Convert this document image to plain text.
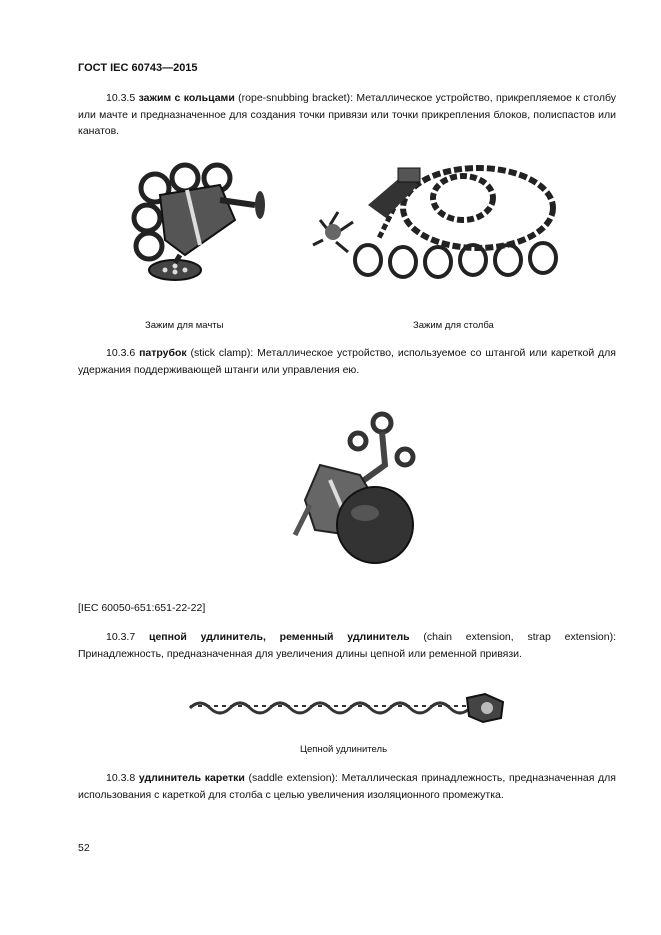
ГОСТ IEC 60743—2015
10.3.5 зажим с кольцами (rope-snubbing bracket): Металлическое устройство, прикрепляемое к столбу или мачте и предназначенное для создания точки привязи или точки прикрепления блоков, полиспастов или канатов.
Зажим для мачты	Зажим для столба
10.3.6 патрубок (stick clamp): Металлическое устройство, используемое со штангой или кареткой для удержания поддерживающей штанги или управления ею.
[IEC 60050-651:651-22-22]
10.3.7 цепной удлинитель, ременный удлинитель (chain extension, strap extension): Принадлежность, предназначенная для увеличения длины цепной или ременной привязи.
Цепной удлинитель
10.3.8 удлинитель каретки (saddle extension): Металлическая принадлежность, предназначенная для использования с кареткой для столба с целью увеличения изоляционного промежутка.
52
